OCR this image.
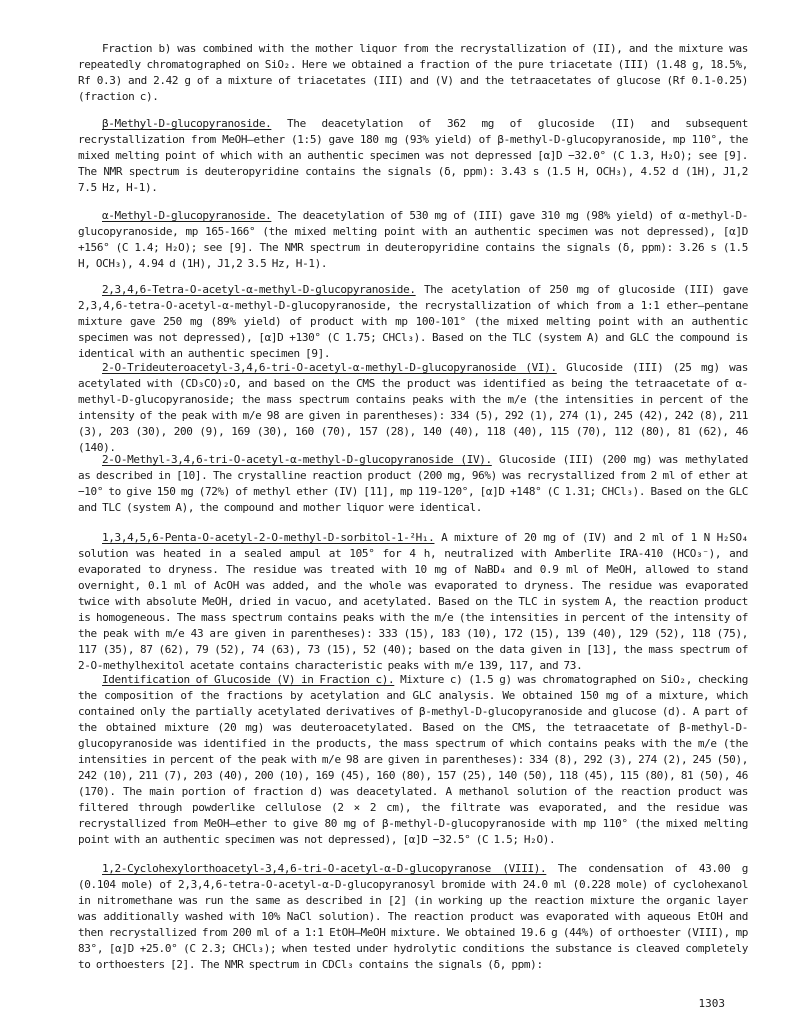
Fraction b) was combined with the mother liquor from the recrystallization of (II), and the mixture was repeatedly chromatographed on SiO₂. Here we obtained a fraction of the pure triacetate (III) (1.48 g, 18.5%, Rf 0.3) and 2.42 g of a mixture of triacetates (III) and (V) and the tetraacetates of glucose (Rf 0.1-0.25) (fraction c).

β-Methyl-D-glucopyranoside. The deacetylation of 362 mg of glucoside (II) and subsequent recrystallization from MeOH–ether (1:5) gave 180 mg (93% yield) of β-methyl-D-glucopyranoside, mp 110°, the mixed melting point of which with an authentic specimen was not depressed [α]D −32.0° (C 1.3, H₂O); see [9]. The NMR spectrum is deuteropyridine contains the signals (δ, ppm): 3.43 s (1.5 H, OCH₃), 4.52 d (1H), J1,2 7.5 Hz, H-1).

α-Methyl-D-glucopyranoside. The deacetylation of 530 mg of (III) gave 310 mg (98% yield) of α-methyl-D-glucopyranoside, mp 165-166° (the mixed melting point with an authentic specimen was not depressed), [α]D +156° (C 1.4; H₂O); see [9]. The NMR spectrum in deuteropyridine contains the signals (δ, ppm): 3.26 s (1.5 H, OCH₃), 4.94 d (1H), J1,2 3.5 Hz, H-1).

2,3,4,6-Tetra-O-acetyl-α-methyl-D-glucopyranoside. The acetylation of 250 mg of glucoside (III) gave 2,3,4,6-tetra-O-acetyl-α-methyl-D-glucopyranoside, the recrystallization of which from a 1:1 ether–pentane mixture gave 250 mg (89% yield) of product with mp 100-101° (the mixed melting point with an authentic specimen was not depressed), [α]D +130° (C 1.75; CHCl₃). Based on the TLC (system A) and GLC the compound is identical with an authentic specimen [9].

2-O-Trideuteroacetyl-3,4,6-tri-O-acetyl-α-methyl-D-glucopyranoside (VI). Glucoside (III) (25 mg) was acetylated with (CD₃CO)₂O, and based on the CMS the product was identified as being the tetraacetate of α-methyl-D-glucopyranoside; the mass spectrum contains peaks with the m/e (the intensities in percent of the intensity of the peak with m/e 98 are given in parentheses): 334 (5), 292 (1), 274 (1), 245 (42), 242 (8), 211 (3), 203 (30), 200 (9), 169 (30), 160 (70), 157 (28), 140 (40), 118 (40), 115 (70), 112 (80), 81 (62), 46 (140).

2-O-Methyl-3,4,6-tri-O-acetyl-α-methyl-D-glucopyranoside (IV). Glucoside (III) (200 mg) was methylated as described in [10]. The crystalline reaction product (200 mg, 96%) was recrystallized from 2 ml of ether at −10° to give 150 mg (72%) of methyl ether (IV) [11], mp 119-120°, [α]D +148° (C 1.31; CHCl₃). Based on the GLC and TLC (system A), the compound and mother liquor were identical.

1,3,4,5,6-Penta-O-acetyl-2-O-methyl-D-sorbitol-1-²H₁. A mixture of 20 mg of (IV) and 2 ml of 1 N H₂SO₄ solution was heated in a sealed ampul at 105° for 4 h, neutralized with Amberlite IRA-410 (HCO₃⁻), and evaporated to dryness. The residue was treated with 10 mg of NaBD₄ and 0.9 ml of MeOH, allowed to stand overnight, 0.1 ml of AcOH was added, and the whole was evaporated to dryness. The residue was evaporated twice with absolute MeOH, dried in vacuo, and acetylated. Based on the TLC in system A, the reaction product is homogeneous. The mass spectrum contains peaks with the m/e (the intensities in percent of the intensity of the peak with m/e 43 are given in parentheses): 333 (15), 183 (10), 172 (15), 139 (40), 129 (52), 118 (75), 117 (35), 87 (62), 79 (52), 74 (63), 73 (15), 52 (40); based on the data given in [13], the mass spectrum of 2-O-methylhexitol acetate contains characteristic peaks with m/e 139, 117, and 73.

Identification of Glucoside (V) in Fraction c). Mixture c) (1.5 g) was chromatographed on SiO₂, checking the composition of the fractions by acetylation and GLC analysis. We obtained 150 mg of a mixture, which contained only the partially acetylated derivatives of β-methyl-D-glucopyranoside and glucose (d). A part of the obtained mixture (20 mg) was deuteroacetylated. Based on the CMS, the tetraacetate of β-methyl-D-glucopyranoside was identified in the products, the mass spectrum of which contains peaks with the m/e (the intensities in percent of the peak with m/e 98 are given in parentheses): 334 (8), 292 (3), 274 (2), 245 (50), 242 (10), 211 (7), 203 (40), 200 (10), 169 (45), 160 (80), 157 (25), 140 (50), 118 (45), 115 (80), 81 (50), 46 (170). The main portion of fraction d) was deacetylated. A methanol solution of the reaction product was filtered through powderlike cellulose (2 × 2 cm), the filtrate was evaporated, and the residue was recrystallized from MeOH–ether to give 80 mg of β-methyl-D-glucopyranoside with mp 110° (the mixed melting point with an authentic specimen was not depressed), [α]D −32.5° (C 1.5; H₂O).

1,2-Cyclohexylorthoacetyl-3,4,6-tri-O-acetyl-α-D-glucopyranose (VIII). The condensation of 43.00 g (0.104 mole) of 2,3,4,6-tetra-O-acetyl-α-D-glucopyranosyl bromide with 24.0 ml (0.228 mole) of cyclohexanol in nitromethane was run the same as described in [2] (in working up the reaction mixture the organic layer was additionally washed with 10% NaCl solution). The reaction product was evaporated with aqueous EtOH and then recrystallized from 200 ml of a 1:1 EtOH–MeOH mixture. We obtained 19.6 g (44%) of orthoester (VIII), mp 83°, [α]D +25.0° (C 2.3; CHCl₃); when tested under hydrolytic conditions the substance is cleaved completely to orthoesters [2]. The NMR spectrum in CDCl₃ contains the signals (δ, ppm):

1303
